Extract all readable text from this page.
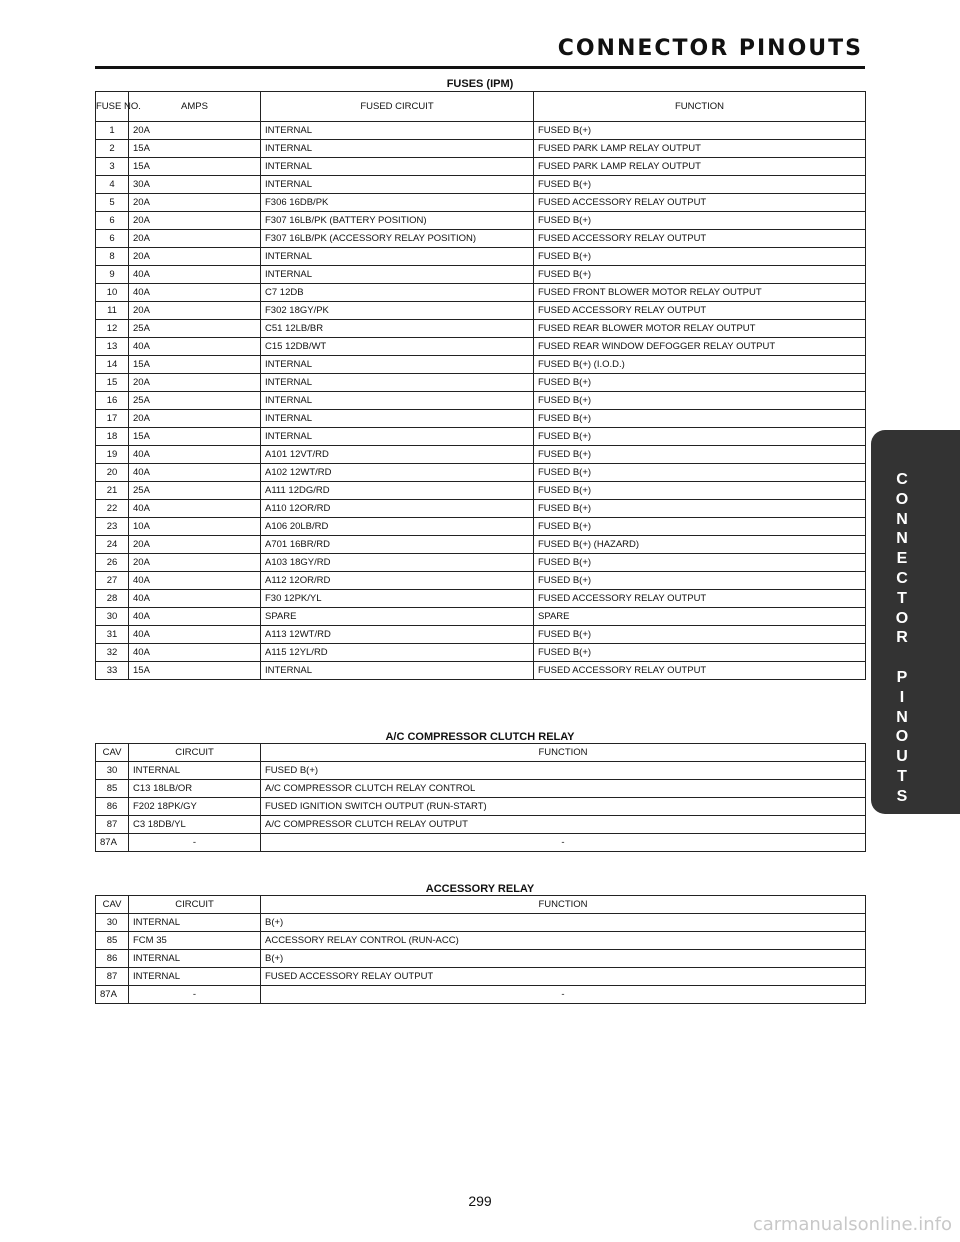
CONNECTOR PINOUTS
C
O
N
N
E
C
T
O
R

P
I
N
O
U
T
S
FUSES (IPM)
FUSE NO.	AMPS	FUSED CIRCUIT	FUNCTION
1	20A	INTERNAL	FUSED B(+)
2	15A	INTERNAL	FUSED PARK LAMP RELAY OUTPUT
3	15A	INTERNAL	FUSED PARK LAMP RELAY OUTPUT
4	30A	INTERNAL	FUSED B(+)
5	20A	F306 16DB/PK	FUSED ACCESSORY RELAY OUTPUT
6	20A	F307 16LB/PK (BATTERY POSITION)	FUSED B(+)
6	20A	F307 16LB/PK (ACCESSORY RELAY POSITION)	FUSED ACCESSORY RELAY OUTPUT
8	20A	INTERNAL	FUSED B(+)
9	40A	INTERNAL	FUSED B(+)
10	40A	C7 12DB	FUSED FRONT BLOWER MOTOR RELAY OUTPUT
11	20A	F302 18GY/PK	FUSED ACCESSORY RELAY OUTPUT
12	25A	C51 12LB/BR	FUSED REAR BLOWER MOTOR RELAY OUTPUT
13	40A	C15 12DB/WT	FUSED REAR WINDOW DEFOGGER RELAY OUTPUT
14	15A	INTERNAL	FUSED B(+) (I.O.D.)
15	20A	INTERNAL	FUSED B(+)
16	25A	INTERNAL	FUSED B(+)
17	20A	INTERNAL	FUSED B(+)
18	15A	INTERNAL	FUSED B(+)
19	40A	A101 12VT/RD	FUSED B(+)
20	40A	A102 12WT/RD	FUSED B(+)
21	25A	A111 12DG/RD	FUSED B(+)
22	40A	A110 12OR/RD	FUSED B(+)
23	10A	A106 20LB/RD	FUSED B(+)
24	20A	A701 16BR/RD	FUSED B(+) (HAZARD)
26	20A	A103 18GY/RD	FUSED B(+)
27	40A	A112 12OR/RD	FUSED B(+)
28	40A	F30 12PK/YL	FUSED ACCESSORY RELAY OUTPUT
30	40A	SPARE	SPARE
31	40A	A113 12WT/RD	FUSED B(+)
32	40A	A115 12YL/RD	FUSED B(+)
33	15A	INTERNAL	FUSED ACCESSORY RELAY OUTPUT
A/C COMPRESSOR CLUTCH RELAY
CAV	CIRCUIT	FUNCTION
30	INTERNAL	FUSED B(+)
85	C13 18LB/OR	A/C COMPRESSOR CLUTCH RELAY CONTROL
86	F202 18PK/GY	FUSED IGNITION SWITCH OUTPUT (RUN-START)
87	C3 18DB/YL	A/C COMPRESSOR CLUTCH RELAY OUTPUT
87A	-	-
ACCESSORY RELAY
CAV	CIRCUIT	FUNCTION
30	INTERNAL	B(+)
85	FCM 35	ACCESSORY RELAY CONTROL (RUN-ACC)
86	INTERNAL	B(+)
87	INTERNAL	FUSED ACCESSORY RELAY OUTPUT
87A	-	-
299
carmanualsonline.info
